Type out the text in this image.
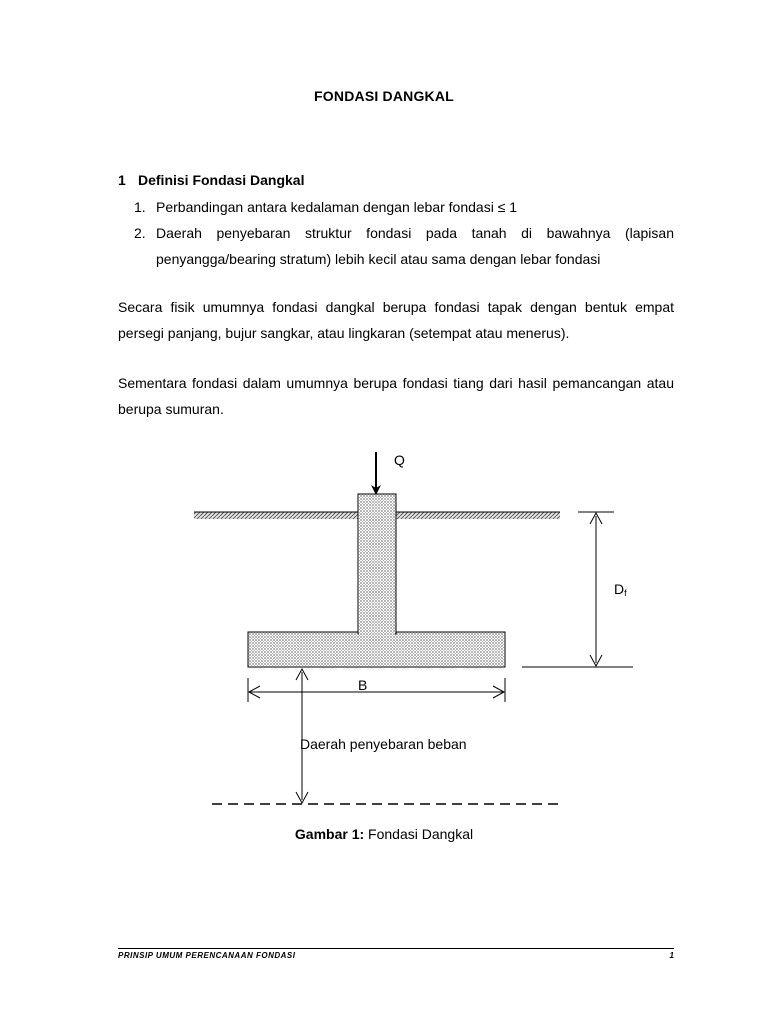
FONDASI DANGKAL
1 Definisi Fondasi Dangkal
1. Perbandingan antara kedalaman dengan lebar fondasi ≤ 1
2. Daerah penyebaran struktur fondasi pada tanah di bawahnya (lapisan penyangga/bearing stratum) lebih kecil atau sama dengan lebar fondasi
Secara fisik umumnya fondasi dangkal berupa fondasi tapak dengan bentuk empat persegi panjang, bujur sangkar, atau lingkaran (setempat atau menerus).
Sementara fondasi dalam umumnya berupa fondasi tiang dari hasil pemancangan atau berupa sumuran.
Q
Df
B
Daerah penyebaran beban
Gambar 1: Fondasi Dangkal
PRINSIP UMUM PERENCANAAN FONDASI	1
